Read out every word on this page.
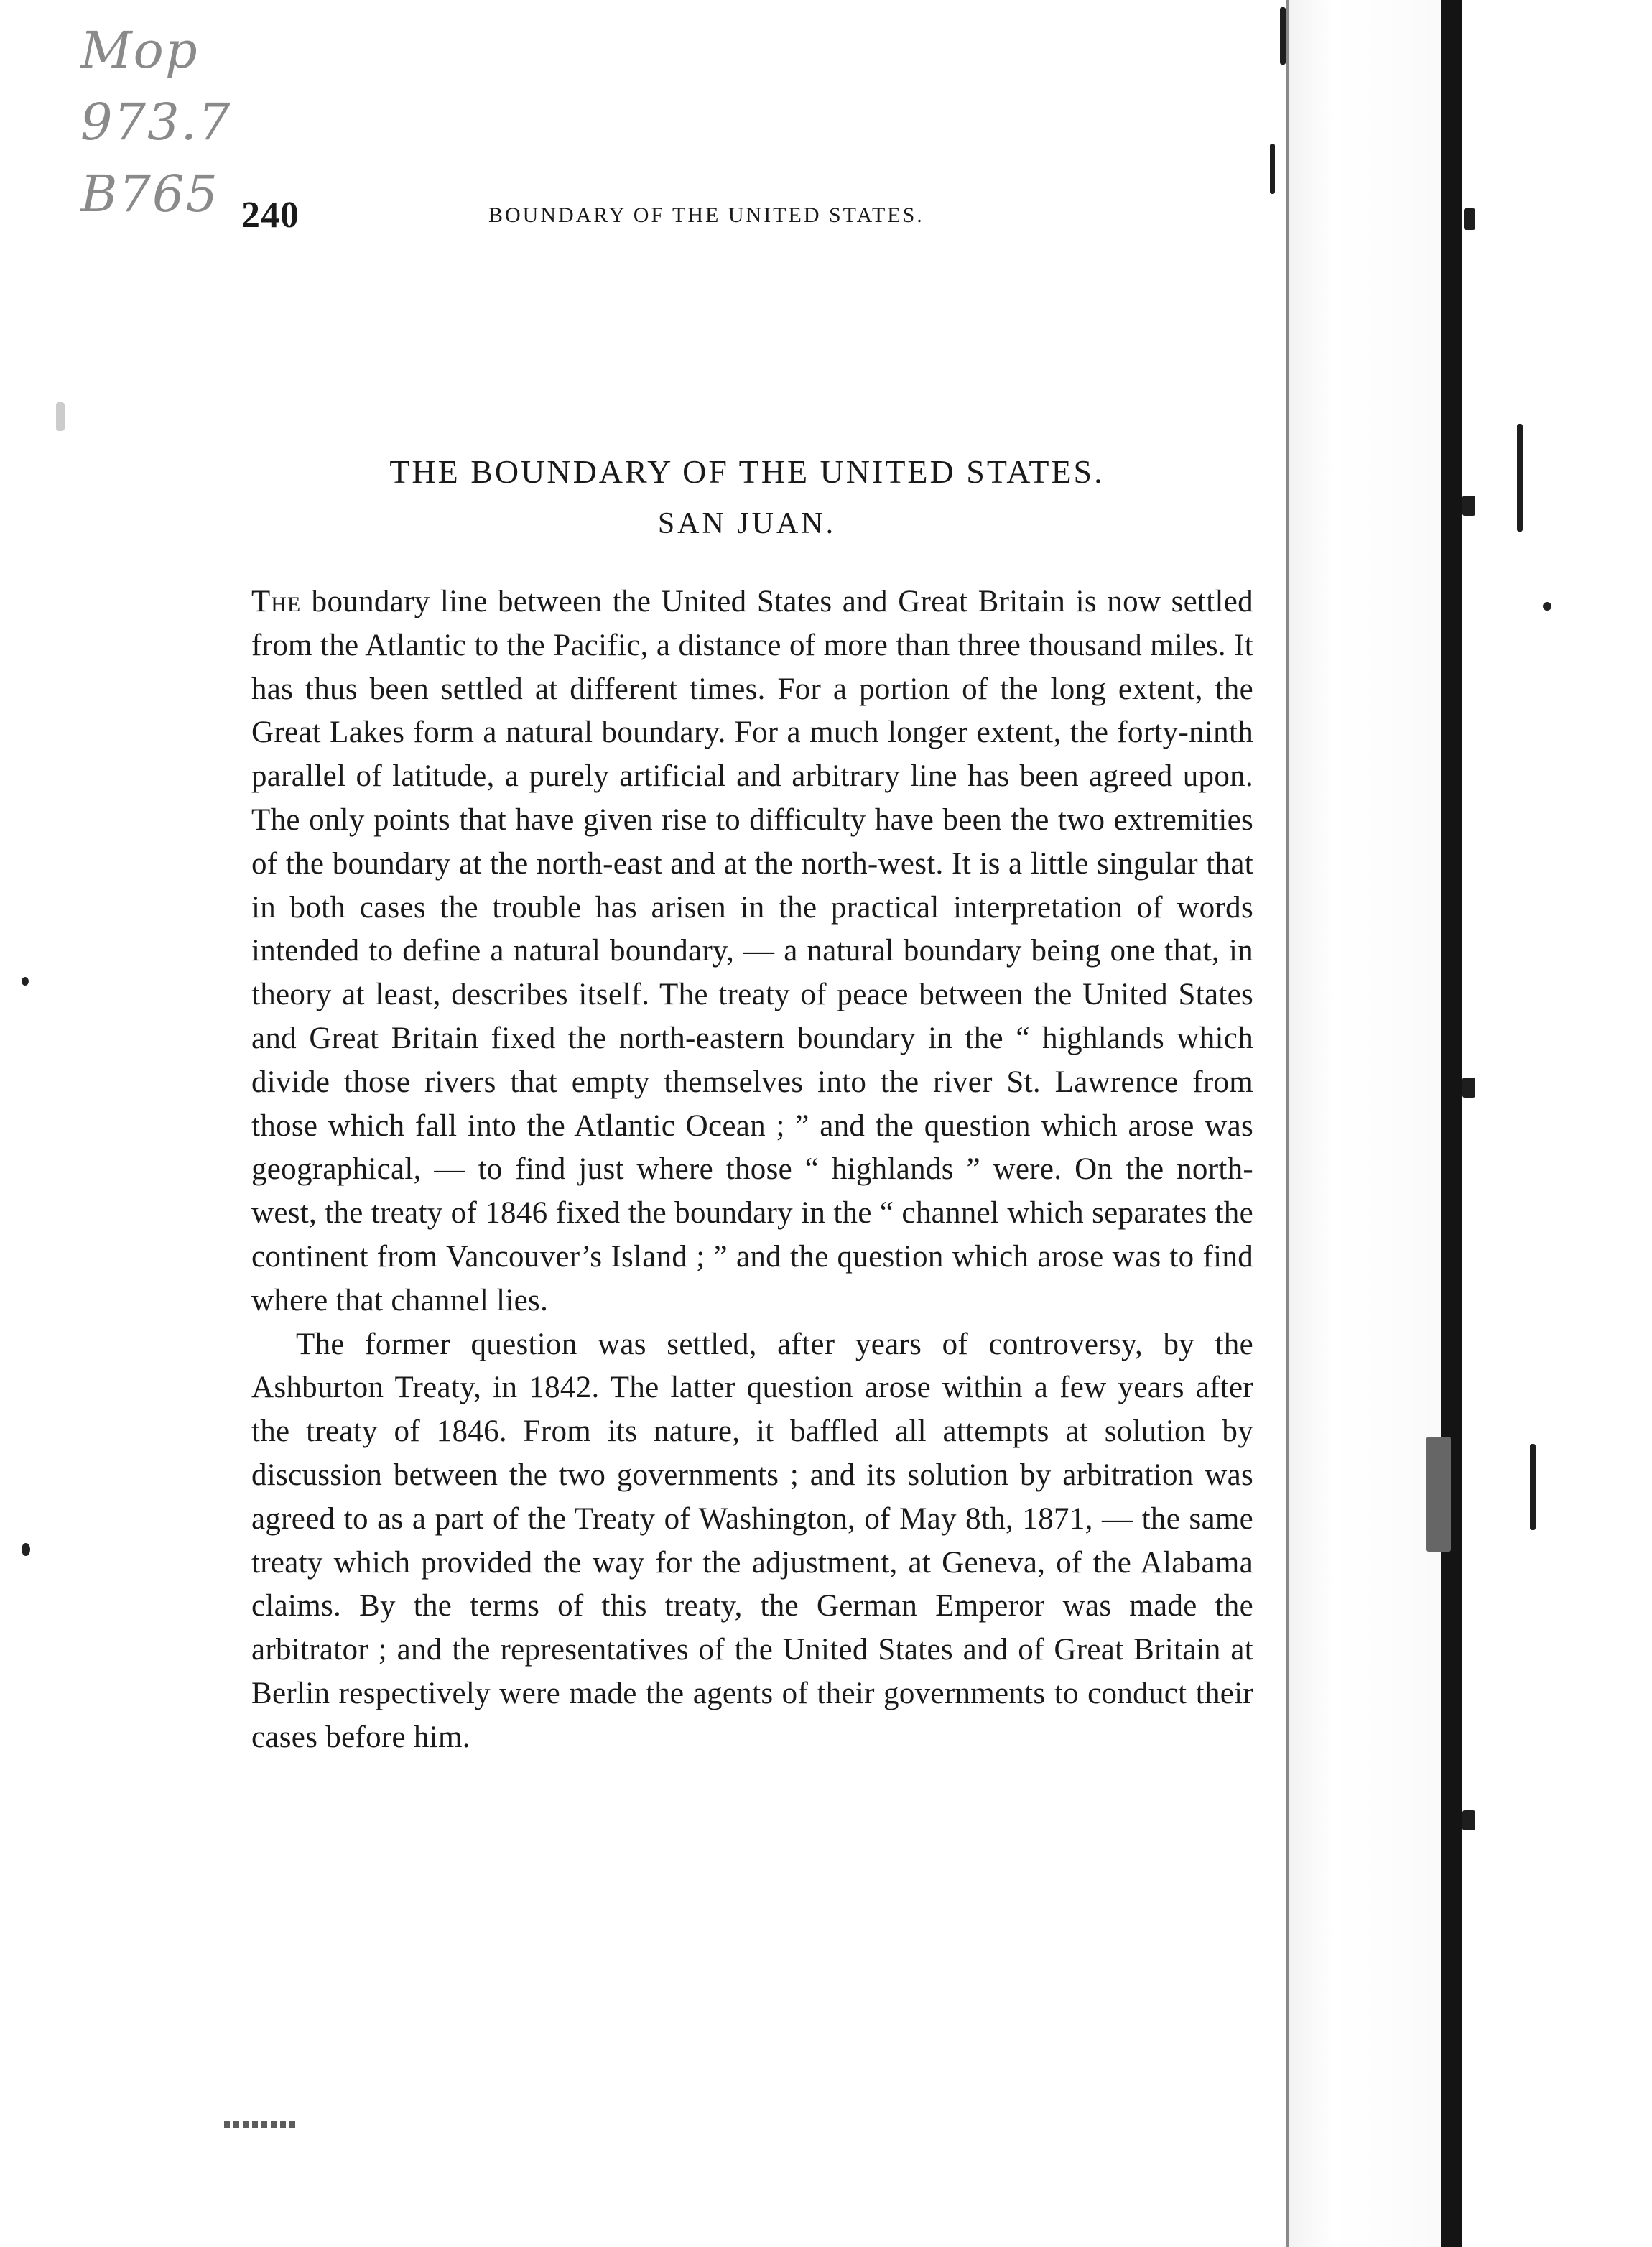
Mop
973.7
B765 240	BOUNDARY OF THE UNITED STATES.
THE BOUNDARY OF THE UNITED STATES.
SAN JUAN.

The boundary line between the United States and Great Britain is now settled from the Atlantic to the Pacific, a distance of more than three thousand miles. It has thus been settled at different times. For a portion of the long extent, the Great Lakes form a natural boundary. For a much longer extent, the forty-ninth parallel of latitude, a purely artificial and arbitrary line has been agreed upon. The only points that have given rise to difficulty have been the two extremities of the boundary at the north-east and at the north-west. It is a little singular that in both cases the trouble has arisen in the practical interpretation of words intended to define a natural boundary, — a natural boundary being one that, in theory at least, describes itself. The treaty of peace between the United States and Great Britain fixed the north-eastern boundary in the “ highlands which divide those rivers that empty themselves into the river St. Lawrence from those which fall into the Atlantic Ocean ; ” and the question which arose was geographical, — to find just where those “ highlands ” were. On the north-west, the treaty of 1846 fixed the boundary in the “ channel which separates the continent from Vancouver’s Island ; ” and the question which arose was to find where that channel lies.

The former question was settled, after years of controversy, by the Ashburton Treaty, in 1842. The latter question arose within a few years after the treaty of 1846. From its nature, it baffled all attempts at solution by discussion between the two governments ; and its solution by arbitration was agreed to as a part of the Treaty of Washington, of May 8th, 1871, — the same treaty which provided the way for the adjustment, at Geneva, of the Alabama claims. By the terms of this treaty, the German Emperor was made the arbitrator ; and the representatives of the United States and of Great Britain at Berlin respectively were made the agents of their governments to conduct their cases before him.
